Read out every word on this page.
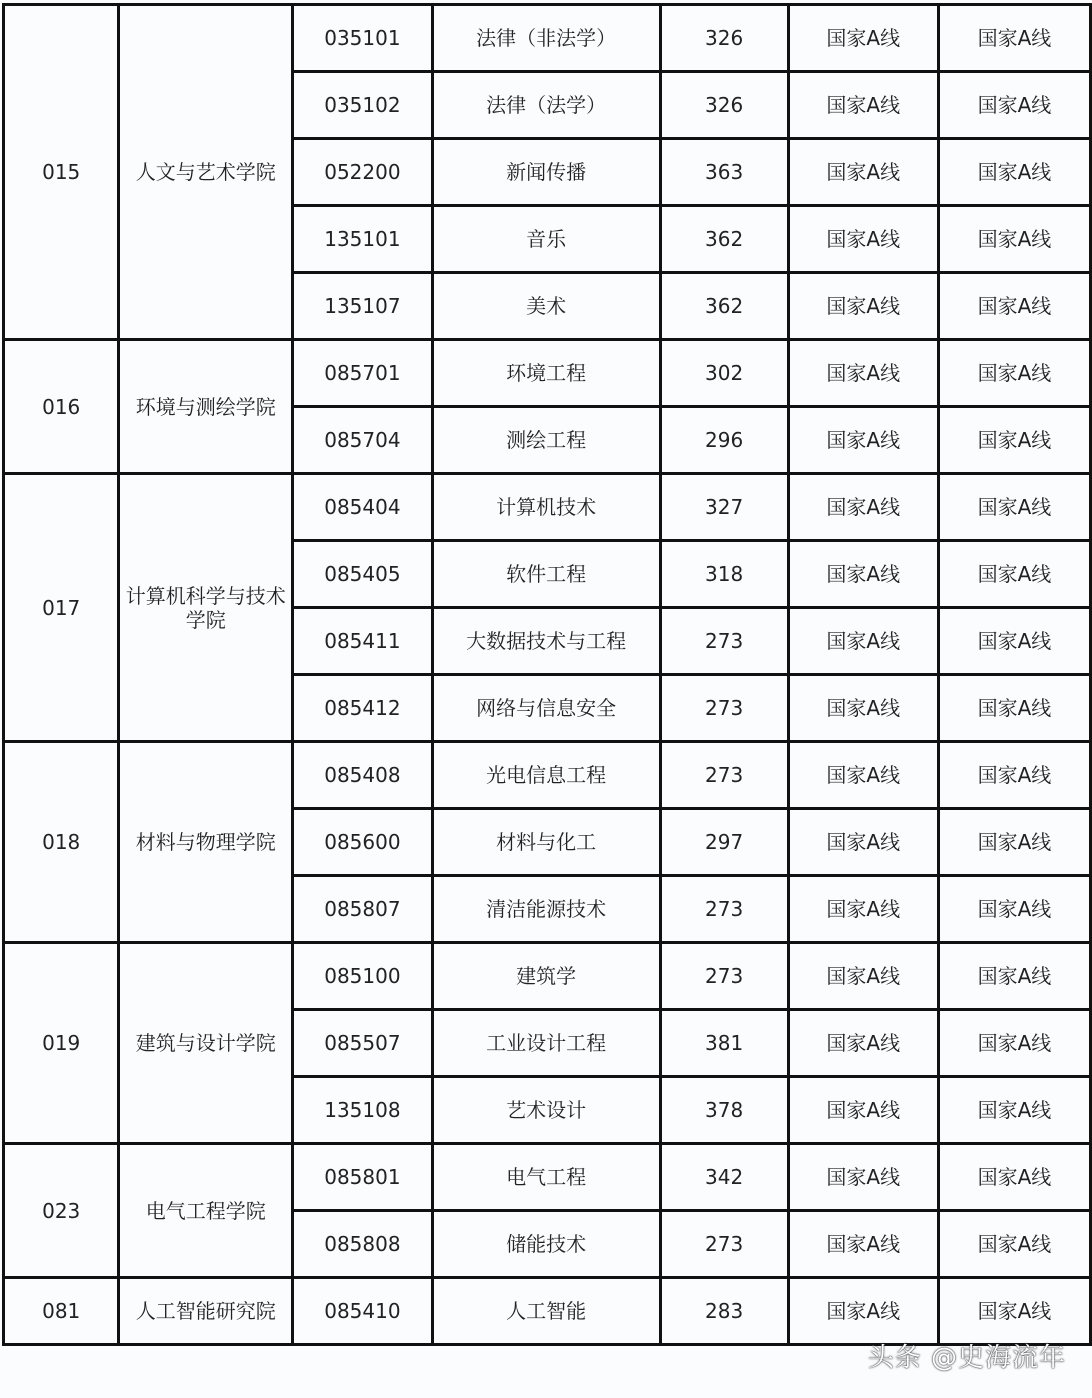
015	人文与艺术学院	035101	法律（非法学）	326	国家A线	国家A线
		035102	法律（法学）	326	国家A线	国家A线
		052200	新闻传播	363	国家A线	国家A线
		135101	音乐	362	国家A线	国家A线
		135107	美术	362	国家A线	国家A线
016	环境与测绘学院	085701	环境工程	302	国家A线	国家A线
		085704	测绘工程	296	国家A线	国家A线
017	计算机科学与技术学院	085404	计算机技术	327	国家A线	国家A线
		085405	软件工程	318	国家A线	国家A线
		085411	大数据技术与工程	273	国家A线	国家A线
		085412	网络与信息安全	273	国家A线	国家A线
018	材料与物理学院	085408	光电信息工程	273	国家A线	国家A线
		085600	材料与化工	297	国家A线	国家A线
		085807	清洁能源技术	273	国家A线	国家A线
019	建筑与设计学院	085100	建筑学	273	国家A线	国家A线
		085507	工业设计工程	381	国家A线	国家A线
		135108	艺术设计	378	国家A线	国家A线
023	电气工程学院	085801	电气工程	342	国家A线	国家A线
		085808	储能技术	273	国家A线	国家A线
081	人工智能研究院	085410	人工智能	283	国家A线	国家A线
头条 @史海流年
